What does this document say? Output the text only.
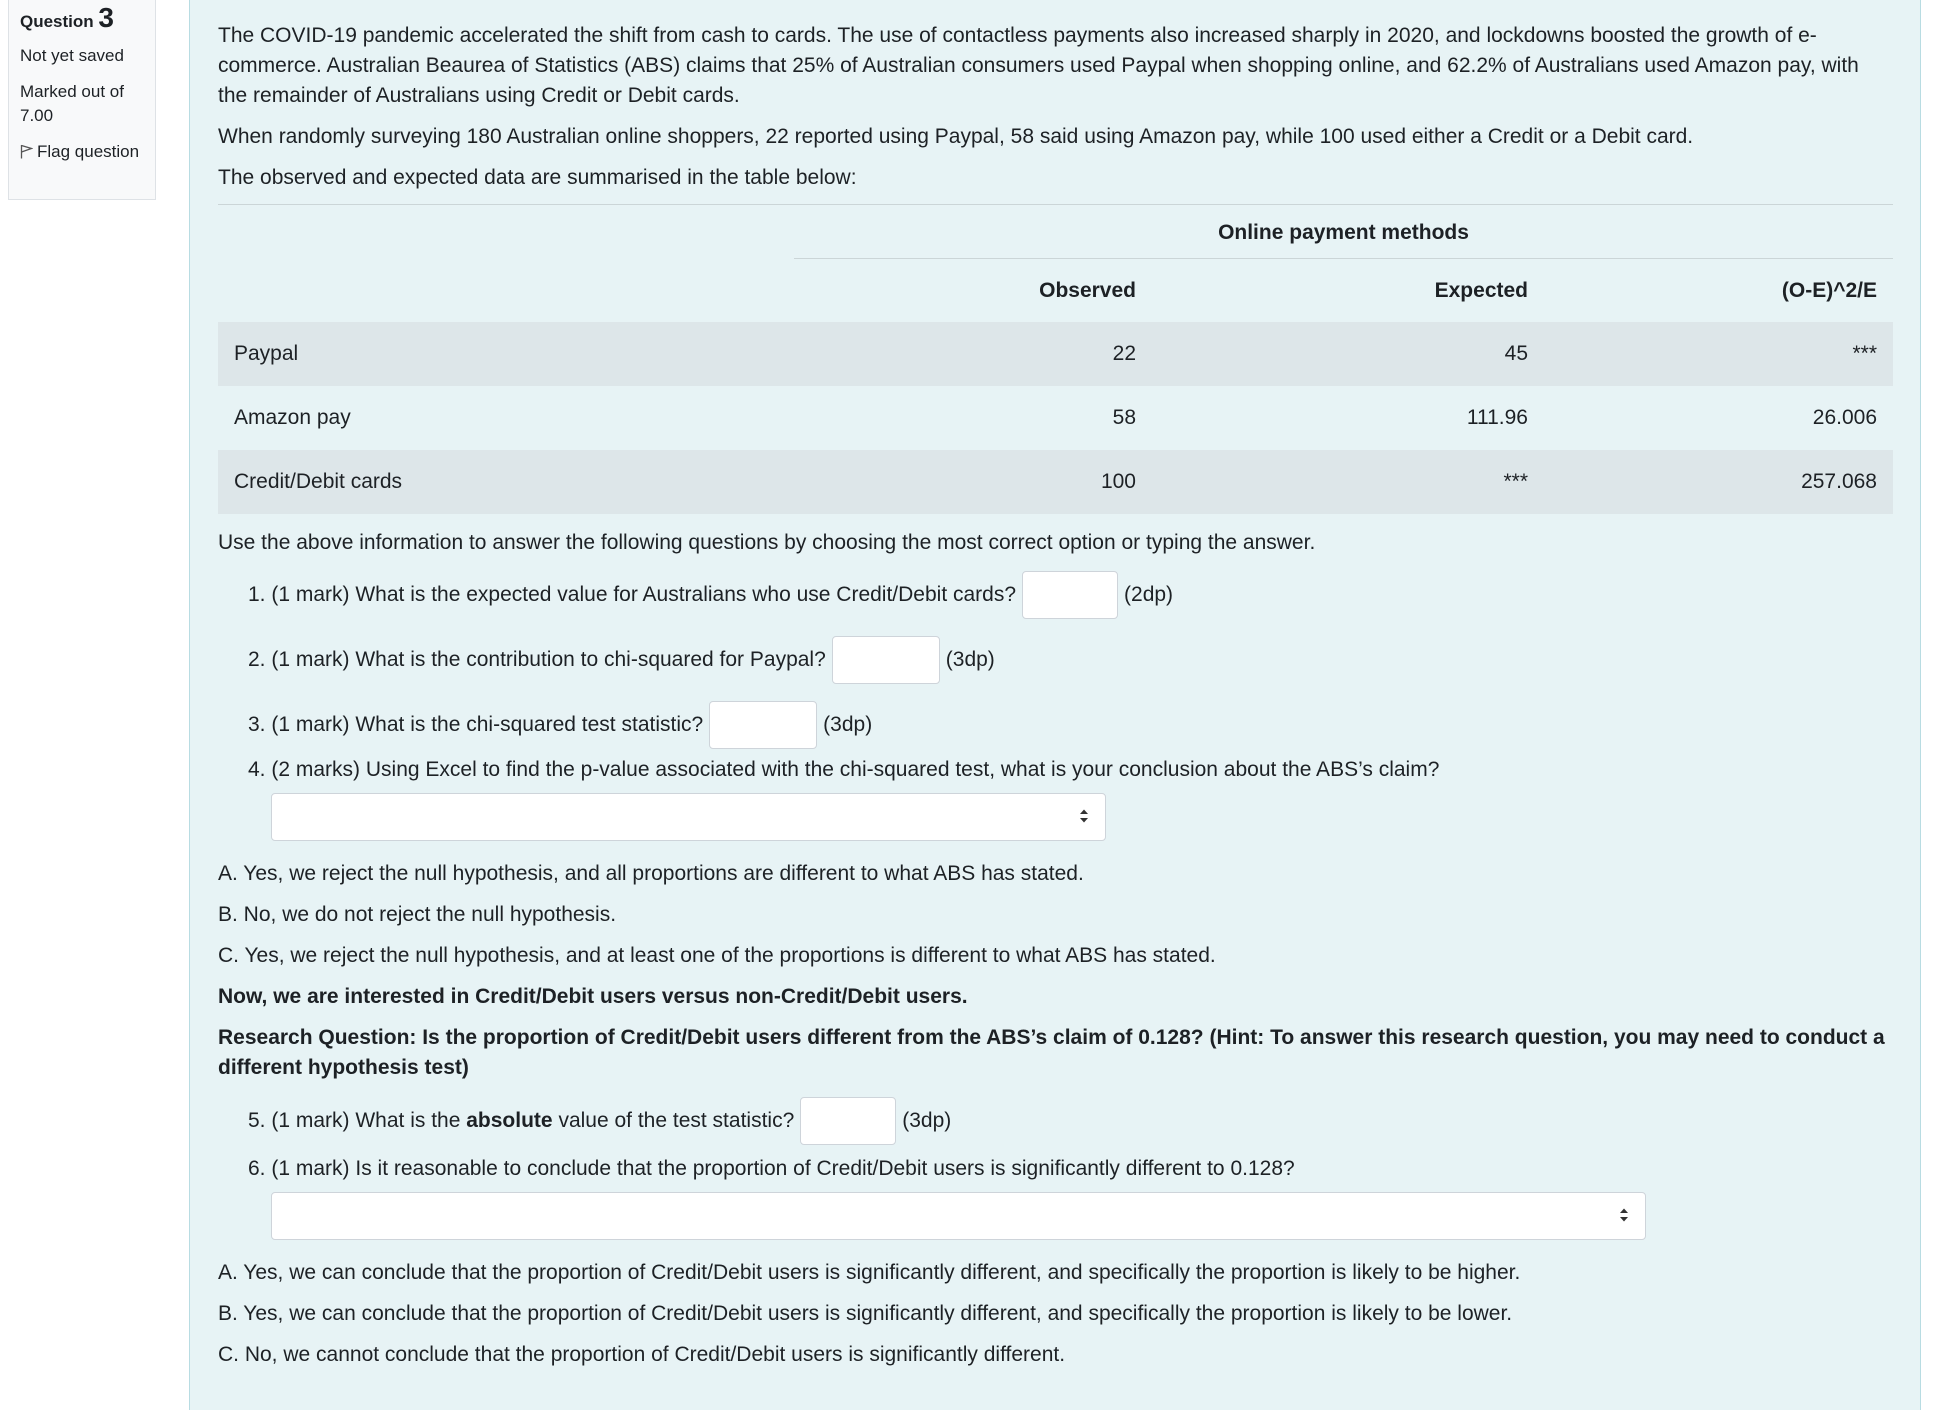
Question 3
Not yet saved
Marked out of 7.00
Flag question

The COVID-19 pandemic accelerated the shift from cash to cards. The use of contactless payments also increased sharply in 2020, and lockdowns boosted the growth of e-commerce. Australian Beaurea of Statistics (ABS) claims that 25% of Australian consumers used Paypal when shopping online, and 62.2% of Australians used Amazon pay, with the remainder of Australians using Credit or Debit cards.

When randomly surveying 180 Australian online shoppers, 22 reported using Paypal, 58 said using Amazon pay, while 100 used either a Credit or a Debit card.

The observed and expected data are summarised in the table below:

Online payment methods
	Observed	Expected	(O-E)^2/E
Paypal	22	45	***
Amazon pay	58	111.96	26.006
Credit/Debit cards	100	***	257.068
Use the above information to answer the following questions by choosing the most correct option or typing the answer.
1.
(1 mark) What is the expected value for Australians who use Credit/Debit cards?	(2dp)
2.
(1 mark) What is the contribution to chi-squared for Paypal?	(3dp)
3.
(1 mark) What is the chi-squared test statistic?	(3dp)
4. (2 marks) Using Excel to find the p-value associated with the chi-squared test, what is your conclusion about the ABS’s claim?

A. Yes, we reject the null hypothesis, and all proportions are different to what ABS has stated.

B. No, we do not reject the null hypothesis.

C. Yes, we reject the null hypothesis, and at least one of the proportions is different to what ABS has stated.

Now, we are interested in Credit/Debit users versus non-Credit/Debit users.

Research Question: Is the proportion of Credit/Debit users different from the ABS’s claim of 0.128? (Hint: To answer this research question, you may need to conduct a different hypothesis test)

5.
(1 mark) What is the
absolute
value of the test statistic?	(3dp)
6. (1 mark) Is it reasonable to conclude that the proportion of Credit/Debit users is significantly different to 0.128?

A. Yes, we can conclude that the proportion of Credit/Debit users is significantly different, and specifically the proportion is likely to be higher.

B. Yes, we can conclude that the proportion of Credit/Debit users is significantly different, and specifically the proportion is likely to be lower.

C. No, we cannot conclude that the proportion of Credit/Debit users is significantly different.
